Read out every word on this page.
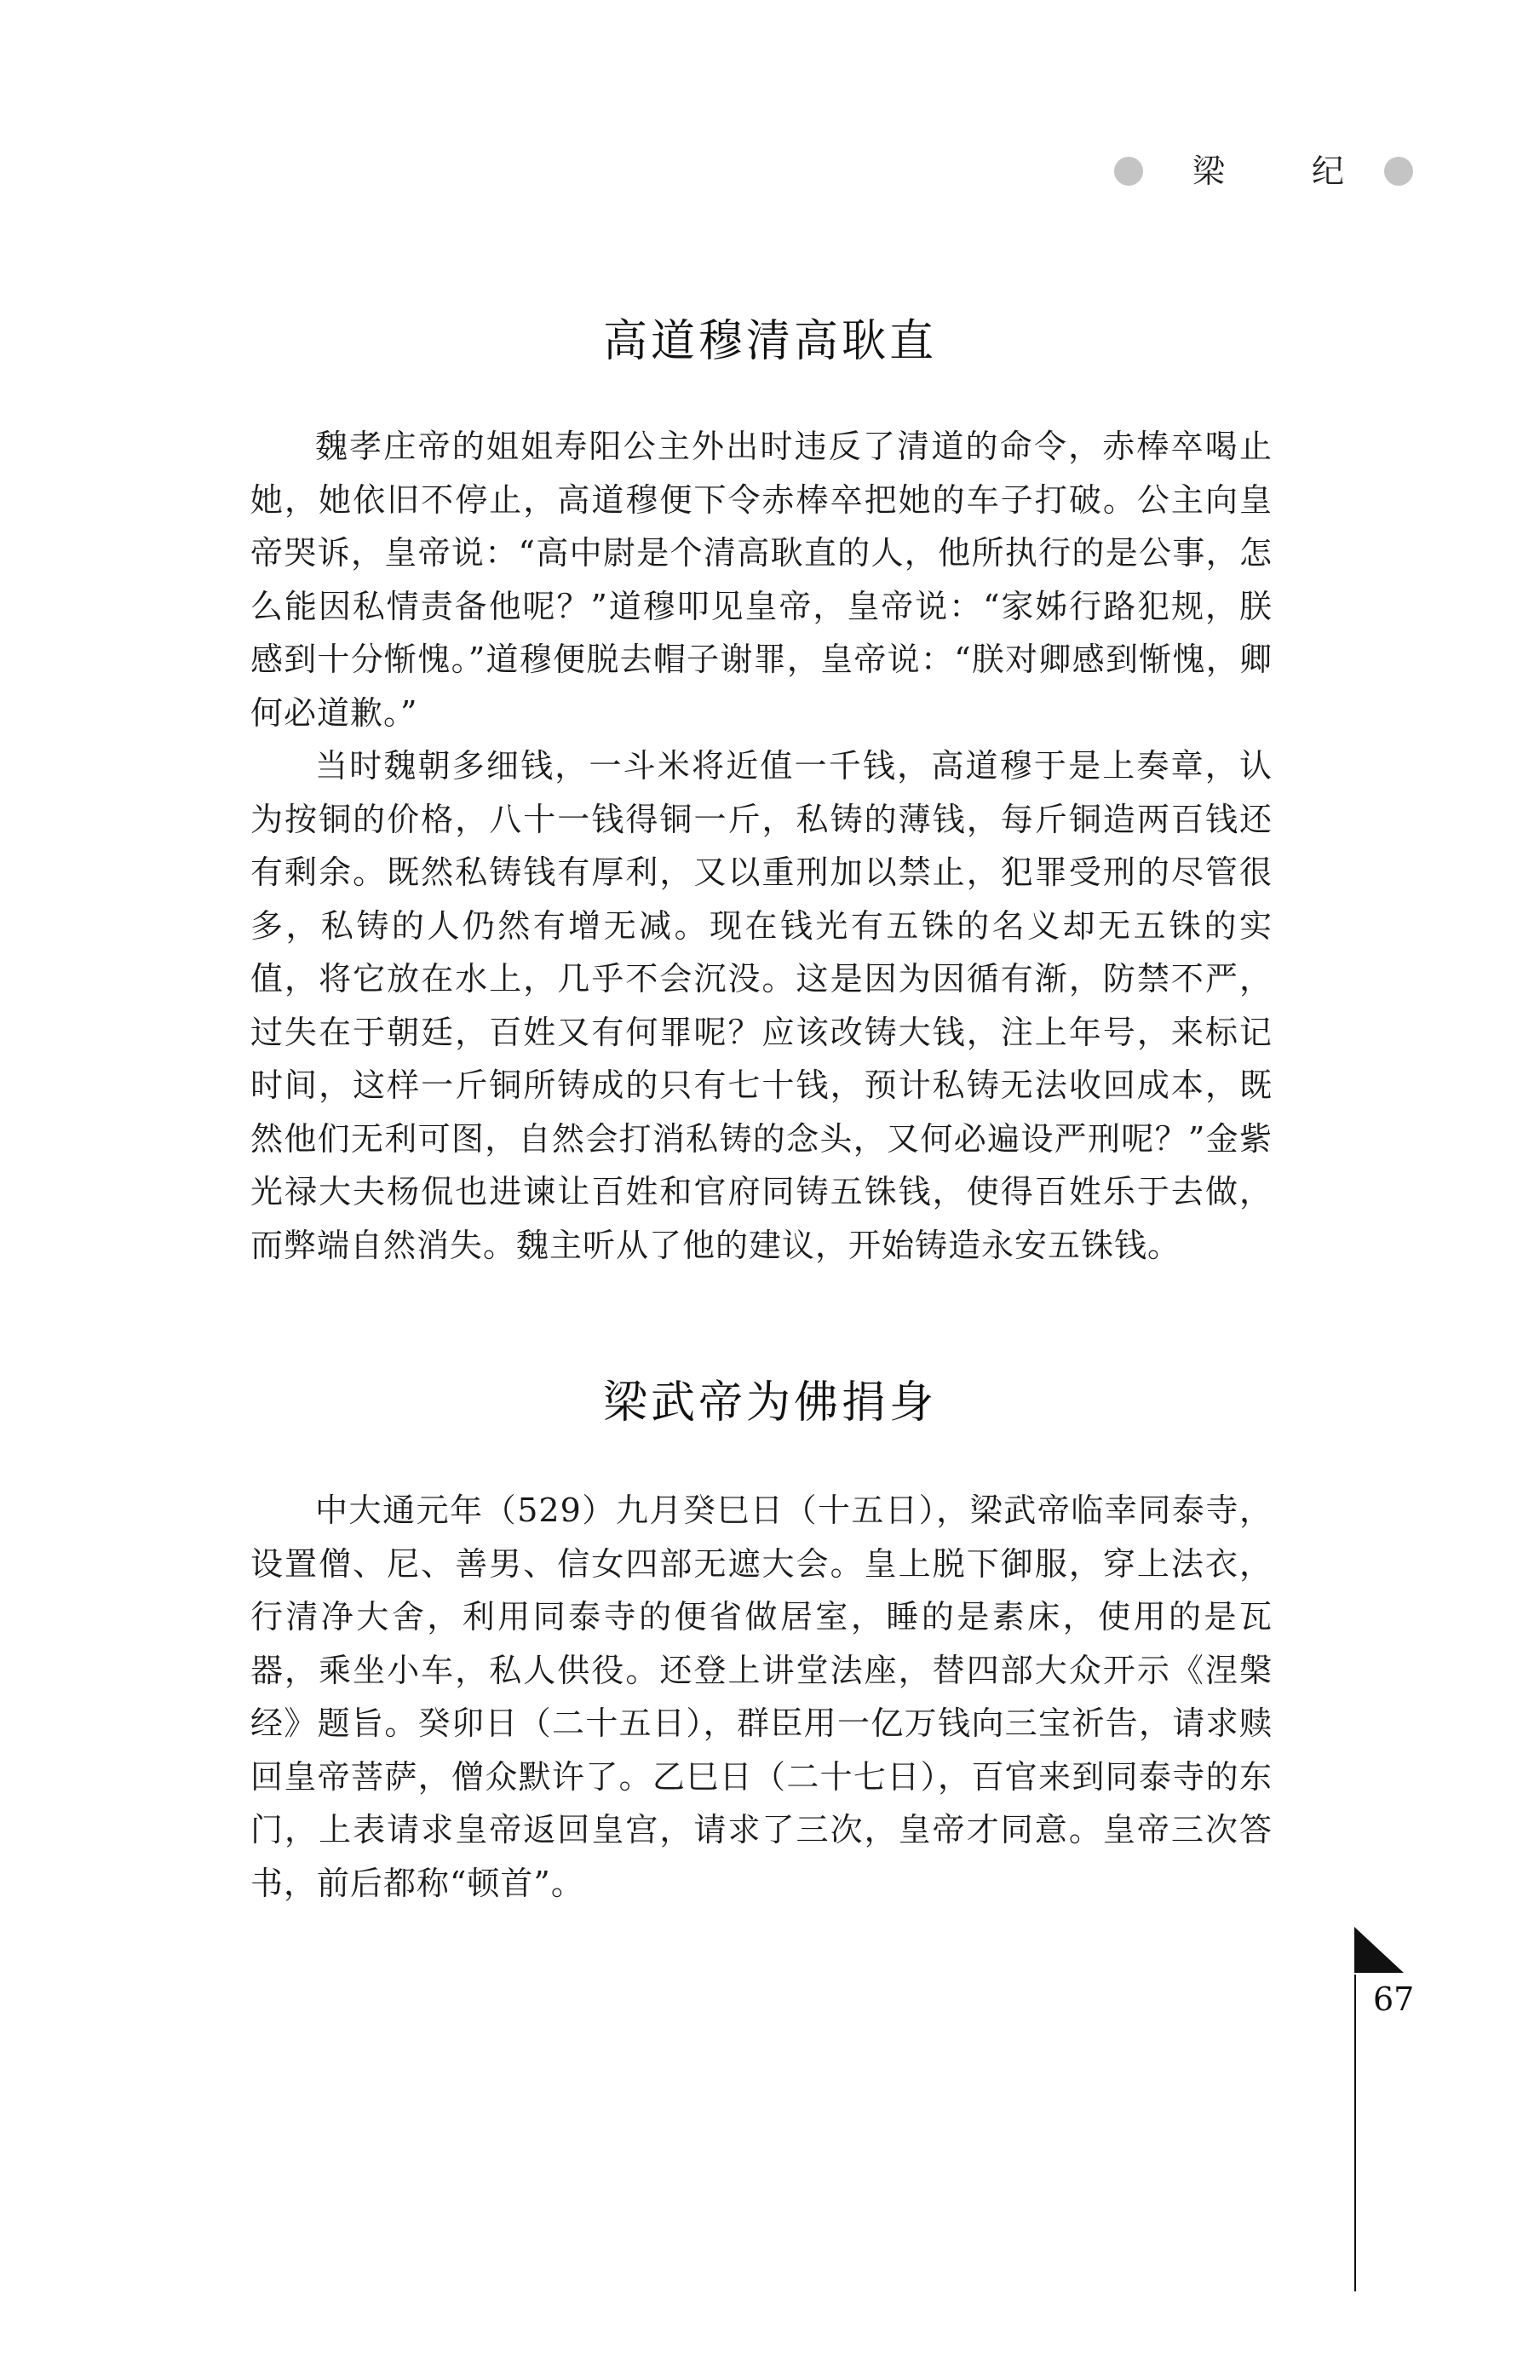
梁	纪
高道穆清高耿直

魏孝庄帝的姐姐寿阳公主外出时违反了清道的命令，赤棒卒喝止她，她依旧不停止，高道穆便下令赤棒卒把她的车子打破。公主向皇帝哭诉，皇帝说：“高中尉是个清高耿直的人，他所执行的是公事，怎么能因私情责备他呢？”道穆叩见皇帝，皇帝说：“家姊行路犯规，朕感到十分惭愧。”道穆便脱去帽子谢罪，皇帝说：“朕对卿感到惭愧，卿何必道歉。”

当时魏朝多细钱，一斗米将近值一千钱，高道穆于是上奏章，认为按铜的价格，八十一钱得铜一斤，私铸的薄钱，每斤铜造两百钱还有剩余。既然私铸钱有厚利，又以重刑加以禁止，犯罪受刑的尽管很多，私铸的人仍然有增无减。现在钱光有五铢的名义却无五铢的实值，将它放在水上，几乎不会沉没。这是因为因循有渐，防禁不严，过失在于朝廷，百姓又有何罪呢？应该改铸大钱，注上年号，来标记时间，这样一斤铜所铸成的只有七十钱，预计私铸无法收回成本，既然他们无利可图，自然会打消私铸的念头，又何必遍设严刑呢？”金紫光禄大夫杨侃也进谏让百姓和官府同铸五铢钱，使得百姓乐于去做，而弊端自然消失。魏主听从了他的建议，开始铸造永安五铢钱。

梁武帝为佛捐身

中大通元年（529）九月癸巳日（十五日），梁武帝临幸同泰寺，设置僧、尼、善男、信女四部无遮大会。皇上脱下御服，穿上法衣，行清净大舍，利用同泰寺的便省做居室，睡的是素床，使用的是瓦器，乘坐小车，私人供役。还登上讲堂法座，替四部大众开示《涅槃经》题旨。癸卯日（二十五日），群臣用一亿万钱向三宝祈告，请求赎回皇帝菩萨，僧众默许了。乙巳日（二十七日），百官来到同泰寺的东门，上表请求皇帝返回皇宫，请求了三次，皇帝才同意。皇帝三次答书，前后都称“顿首”。

67
